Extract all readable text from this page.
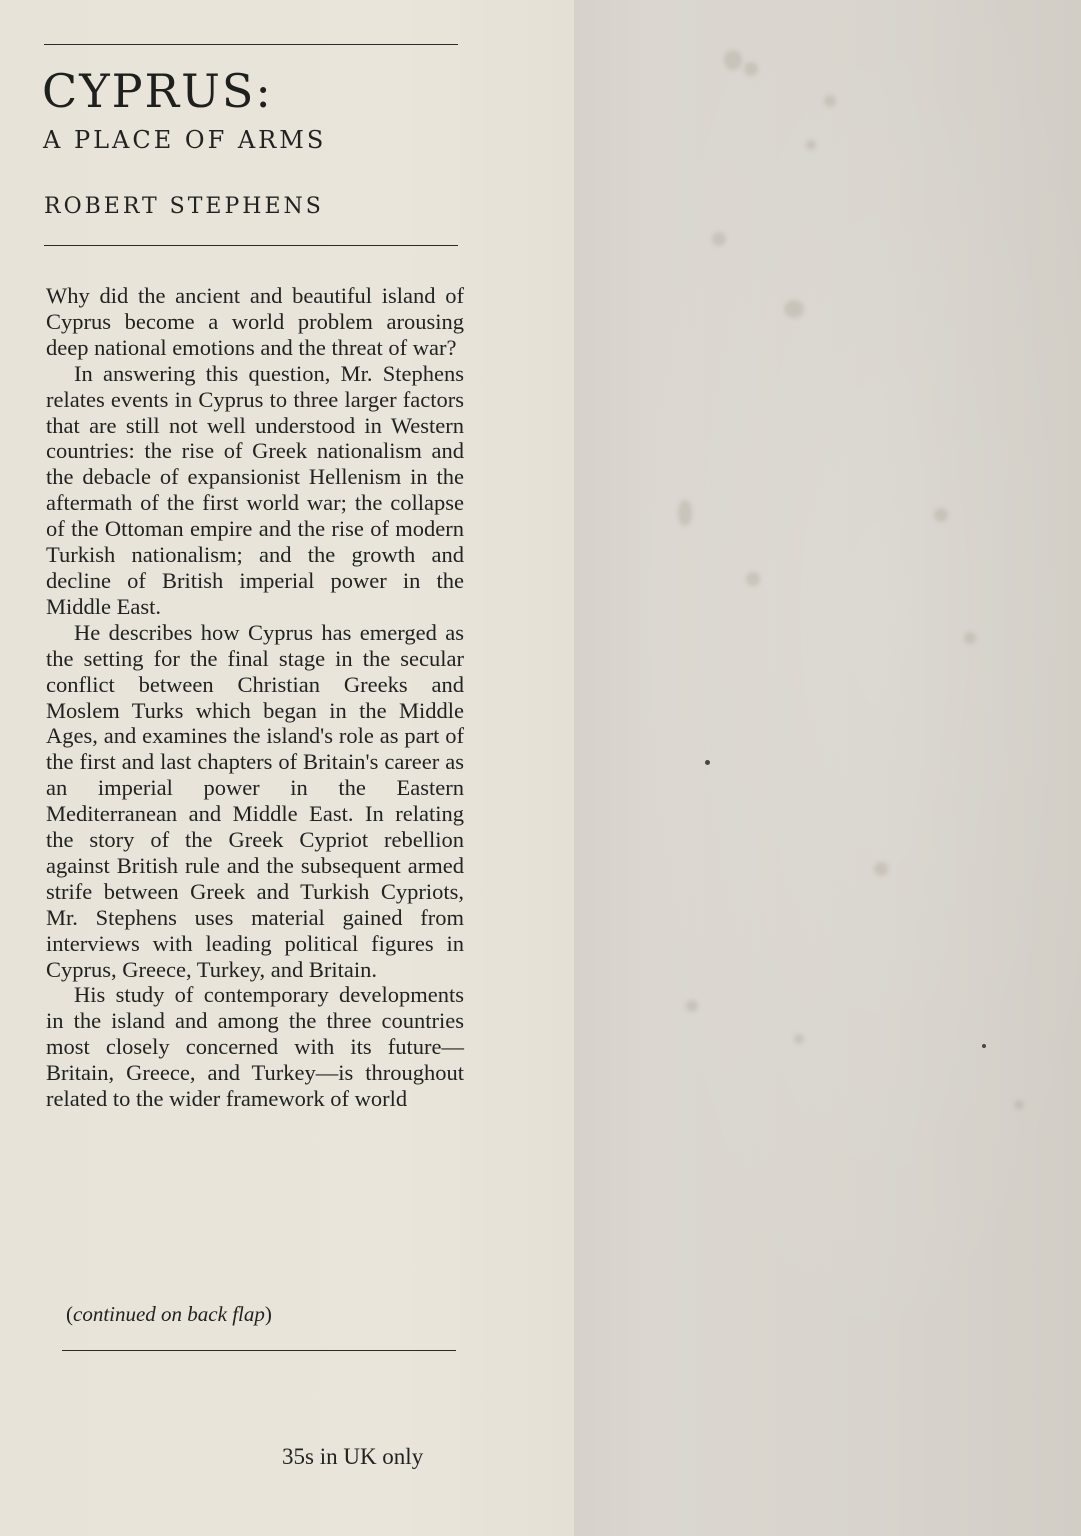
CYPRUS:
A PLACE OF ARMS
ROBERT STEPHENS

Why did the ancient and beautiful island of Cyprus become a world problem arousing deep national emotions and the threat of war?

In answering this question, Mr. Stephens relates events in Cyprus to three larger factors that are still not well understood in Western countries: the rise of Greek nationalism and the debacle of expansionist Hellenism in the aftermath of the first world war; the collapse of the Ottoman empire and the rise of modern Turkish nationalism; and the growth and decline of British imperial power in the Middle East.

He describes how Cyprus has emerged as the setting for the final stage in the secular conflict between Christian Greeks and Moslem Turks which began in the Middle Ages, and examines the island's role as part of the first and last chapters of Britain's career as an imperial power in the Eastern Mediterranean and Middle East. In relating the story of the Greek Cypriot rebellion against British rule and the subsequent armed strife between Greek and Turkish Cypriots, Mr. Stephens uses material gained from interviews with leading political figures in Cyprus, Greece, Turkey, and Britain.

His study of contemporary developments in the island and among the three countries most closely concerned with its future—Britain, Greece, and Turkey—is throughout related to the wider framework of world

(continued on back flap)
35s in UK only
